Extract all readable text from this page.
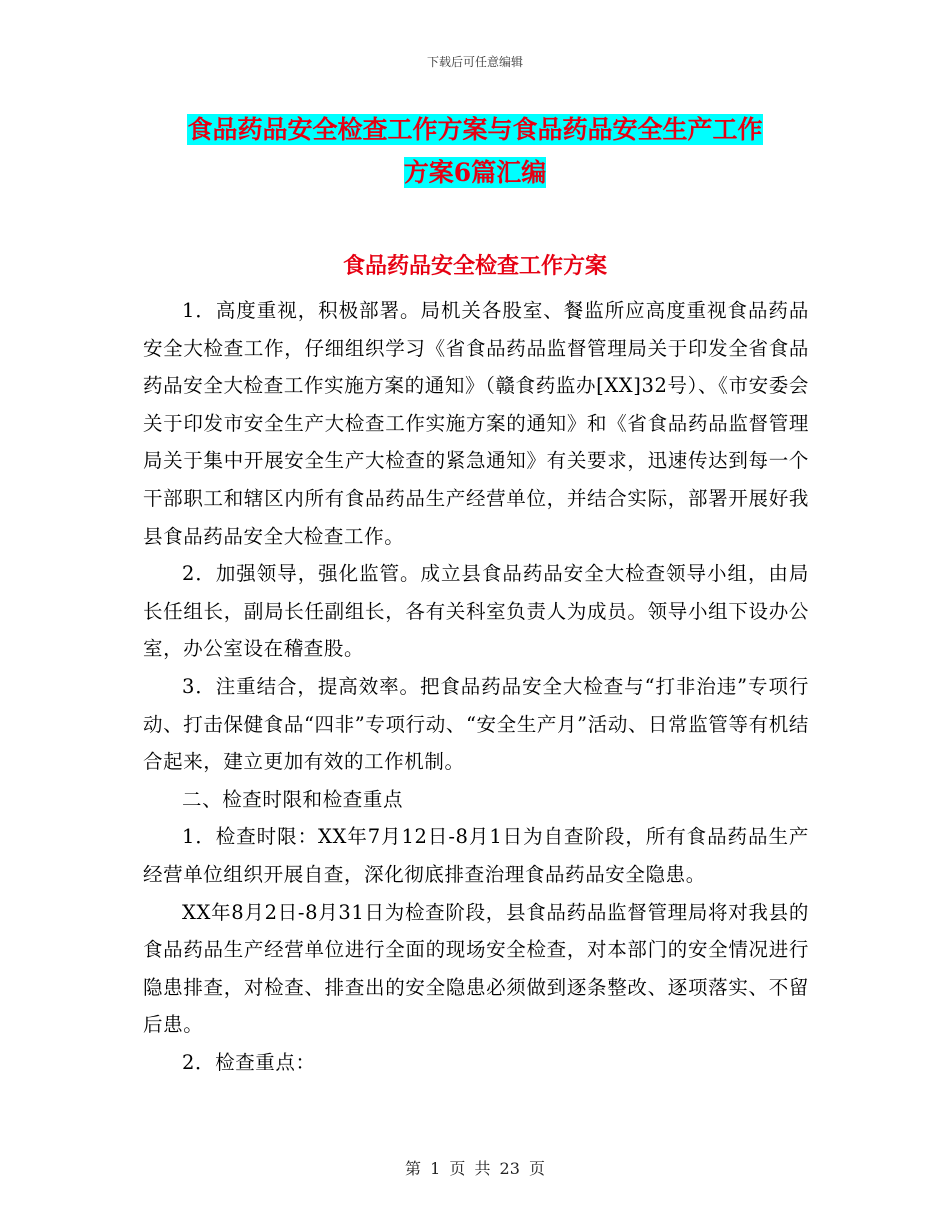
下载后可任意编辑
食品药品安全检查工作方案与食品药品安全生产工作
方案6篇汇编
食品药品安全检查工作方案

1．高度重视，积极部署。局机关各股室、餐监所应高度重视食品药品安全大检查工作，仔细组织学习《省食品药品监督管理局关于印发全省食品药品安全大检查工作实施方案的通知》（赣食药监办[XX]32号）、《市安委会关于印发市安全生产大检查工作实施方案的通知》和《省食品药品监督管理局关于集中开展安全生产大检查的紧急通知》有关要求，迅速传达到每一个干部职工和辖区内所有食品药品生产经营单位，并结合实际，部署开展好我县食品药品安全大检查工作。

2．加强领导，强化监管。成立县食品药品安全大检查领导小组，由局长任组长，副局长任副组长，各有关科室负责人为成员。领导小组下设办公室，办公室设在稽查股。

3．注重结合，提高效率。把食品药品安全大检查与“打非治违”专项行动、打击保健食品“四非”专项行动、“安全生产月”活动、日常监管等有机结合起来，建立更加有效的工作机制。

二、检查时限和检查重点

1．检查时限：XX年7月12日-8月1日为自查阶段，所有食品药品生产经营单位组织开展自查，深化彻底排查治理食品药品安全隐患。

XX年8月2日-8月31日为检查阶段，县食品药品监督管理局将对我县的食品药品生产经营单位进行全面的现场安全检查，对本部门的安全情况进行隐患排查，对检查、排查出的安全隐患必须做到逐条整改、逐项落实、不留后患。

2．检查重点：

第 1 页 共 23 页
